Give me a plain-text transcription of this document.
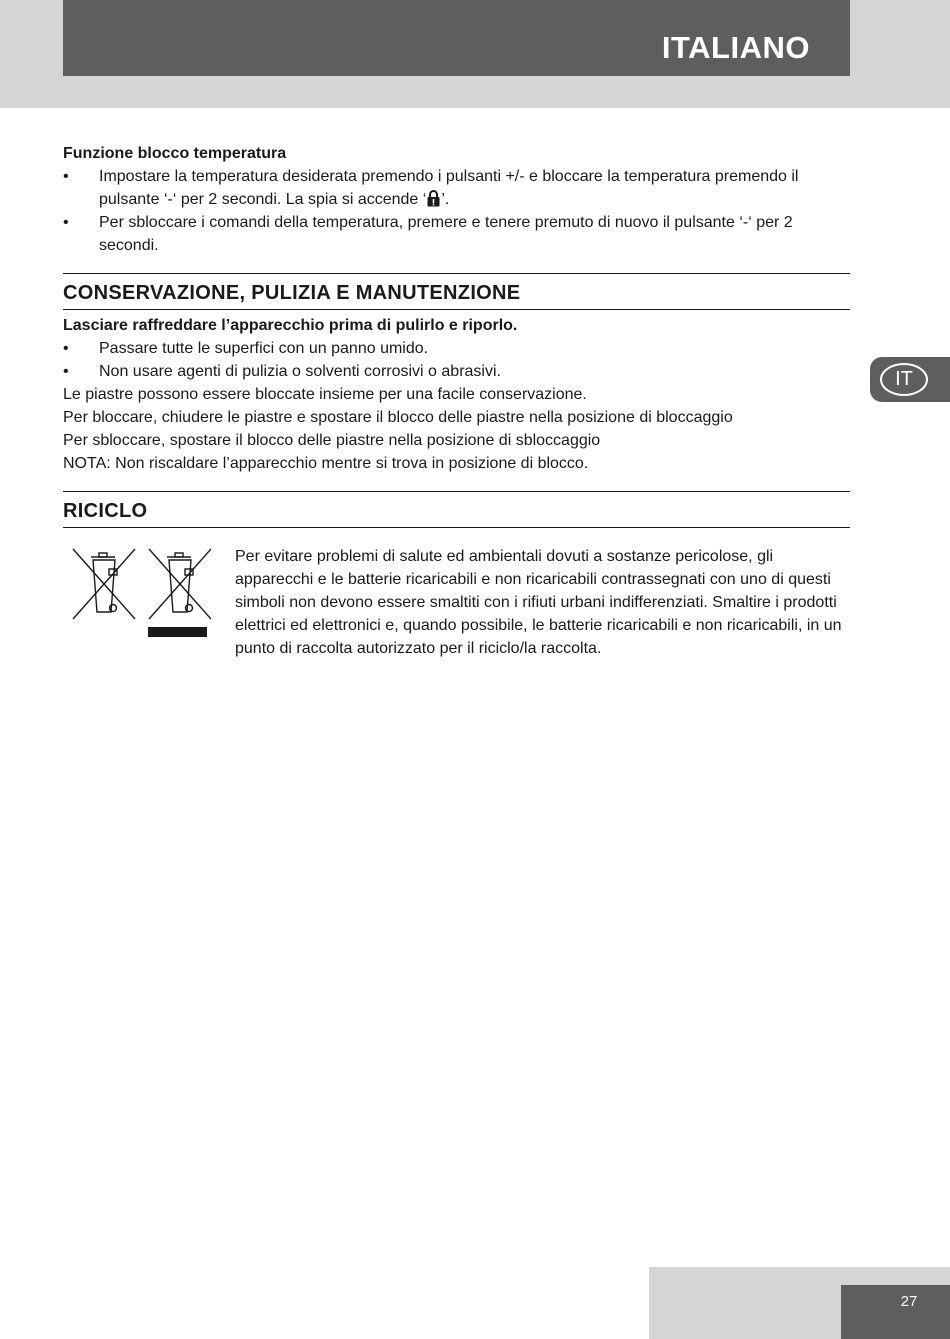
ITALIANO
IT
Funzione blocco temperatura
•	Impostare la temperatura desiderata premendo i pulsanti +/- e bloccare la temperatura premendo il pulsante ‘-‘ per 2 secondi. La spia si accende ‘ ’.
•	Per sbloccare i comandi della temperatura, premere e tenere premuto di nuovo il pulsante ‘-‘ per 2 secondi.
CONSERVAZIONE, PULIZIA E MANUTENZIONE
Lasciare raffreddare l’apparecchio prima di pulirlo e riporlo.
•	Passare tutte le superfici con un panno umido.
•	Non usare agenti di pulizia o solventi corrosivi o abrasivi.
Le piastre possono essere bloccate insieme per una facile conservazione.
Per bloccare, chiudere le piastre e spostare il blocco delle piastre nella posizione di bloccaggio
Per sbloccare, spostare il blocco delle piastre nella posizione di sbloccaggio
NOTA: Non riscaldare l’apparecchio mentre si trova in posizione di blocco.
RICICLO
Per evitare problemi di salute ed ambientali dovuti a sostanze pericolose, gli apparecchi e le batterie ricaricabili e non ricaricabili contrassegnati con uno di questi simboli non devono essere smaltiti con i rifiuti urbani indifferenziati. Smaltire i prodotti elettrici ed elettronici e, quando possibile, le batterie ricaricabili e non ricaricabili, in un punto di raccolta autorizzato per il riciclo/la raccolta.
27
